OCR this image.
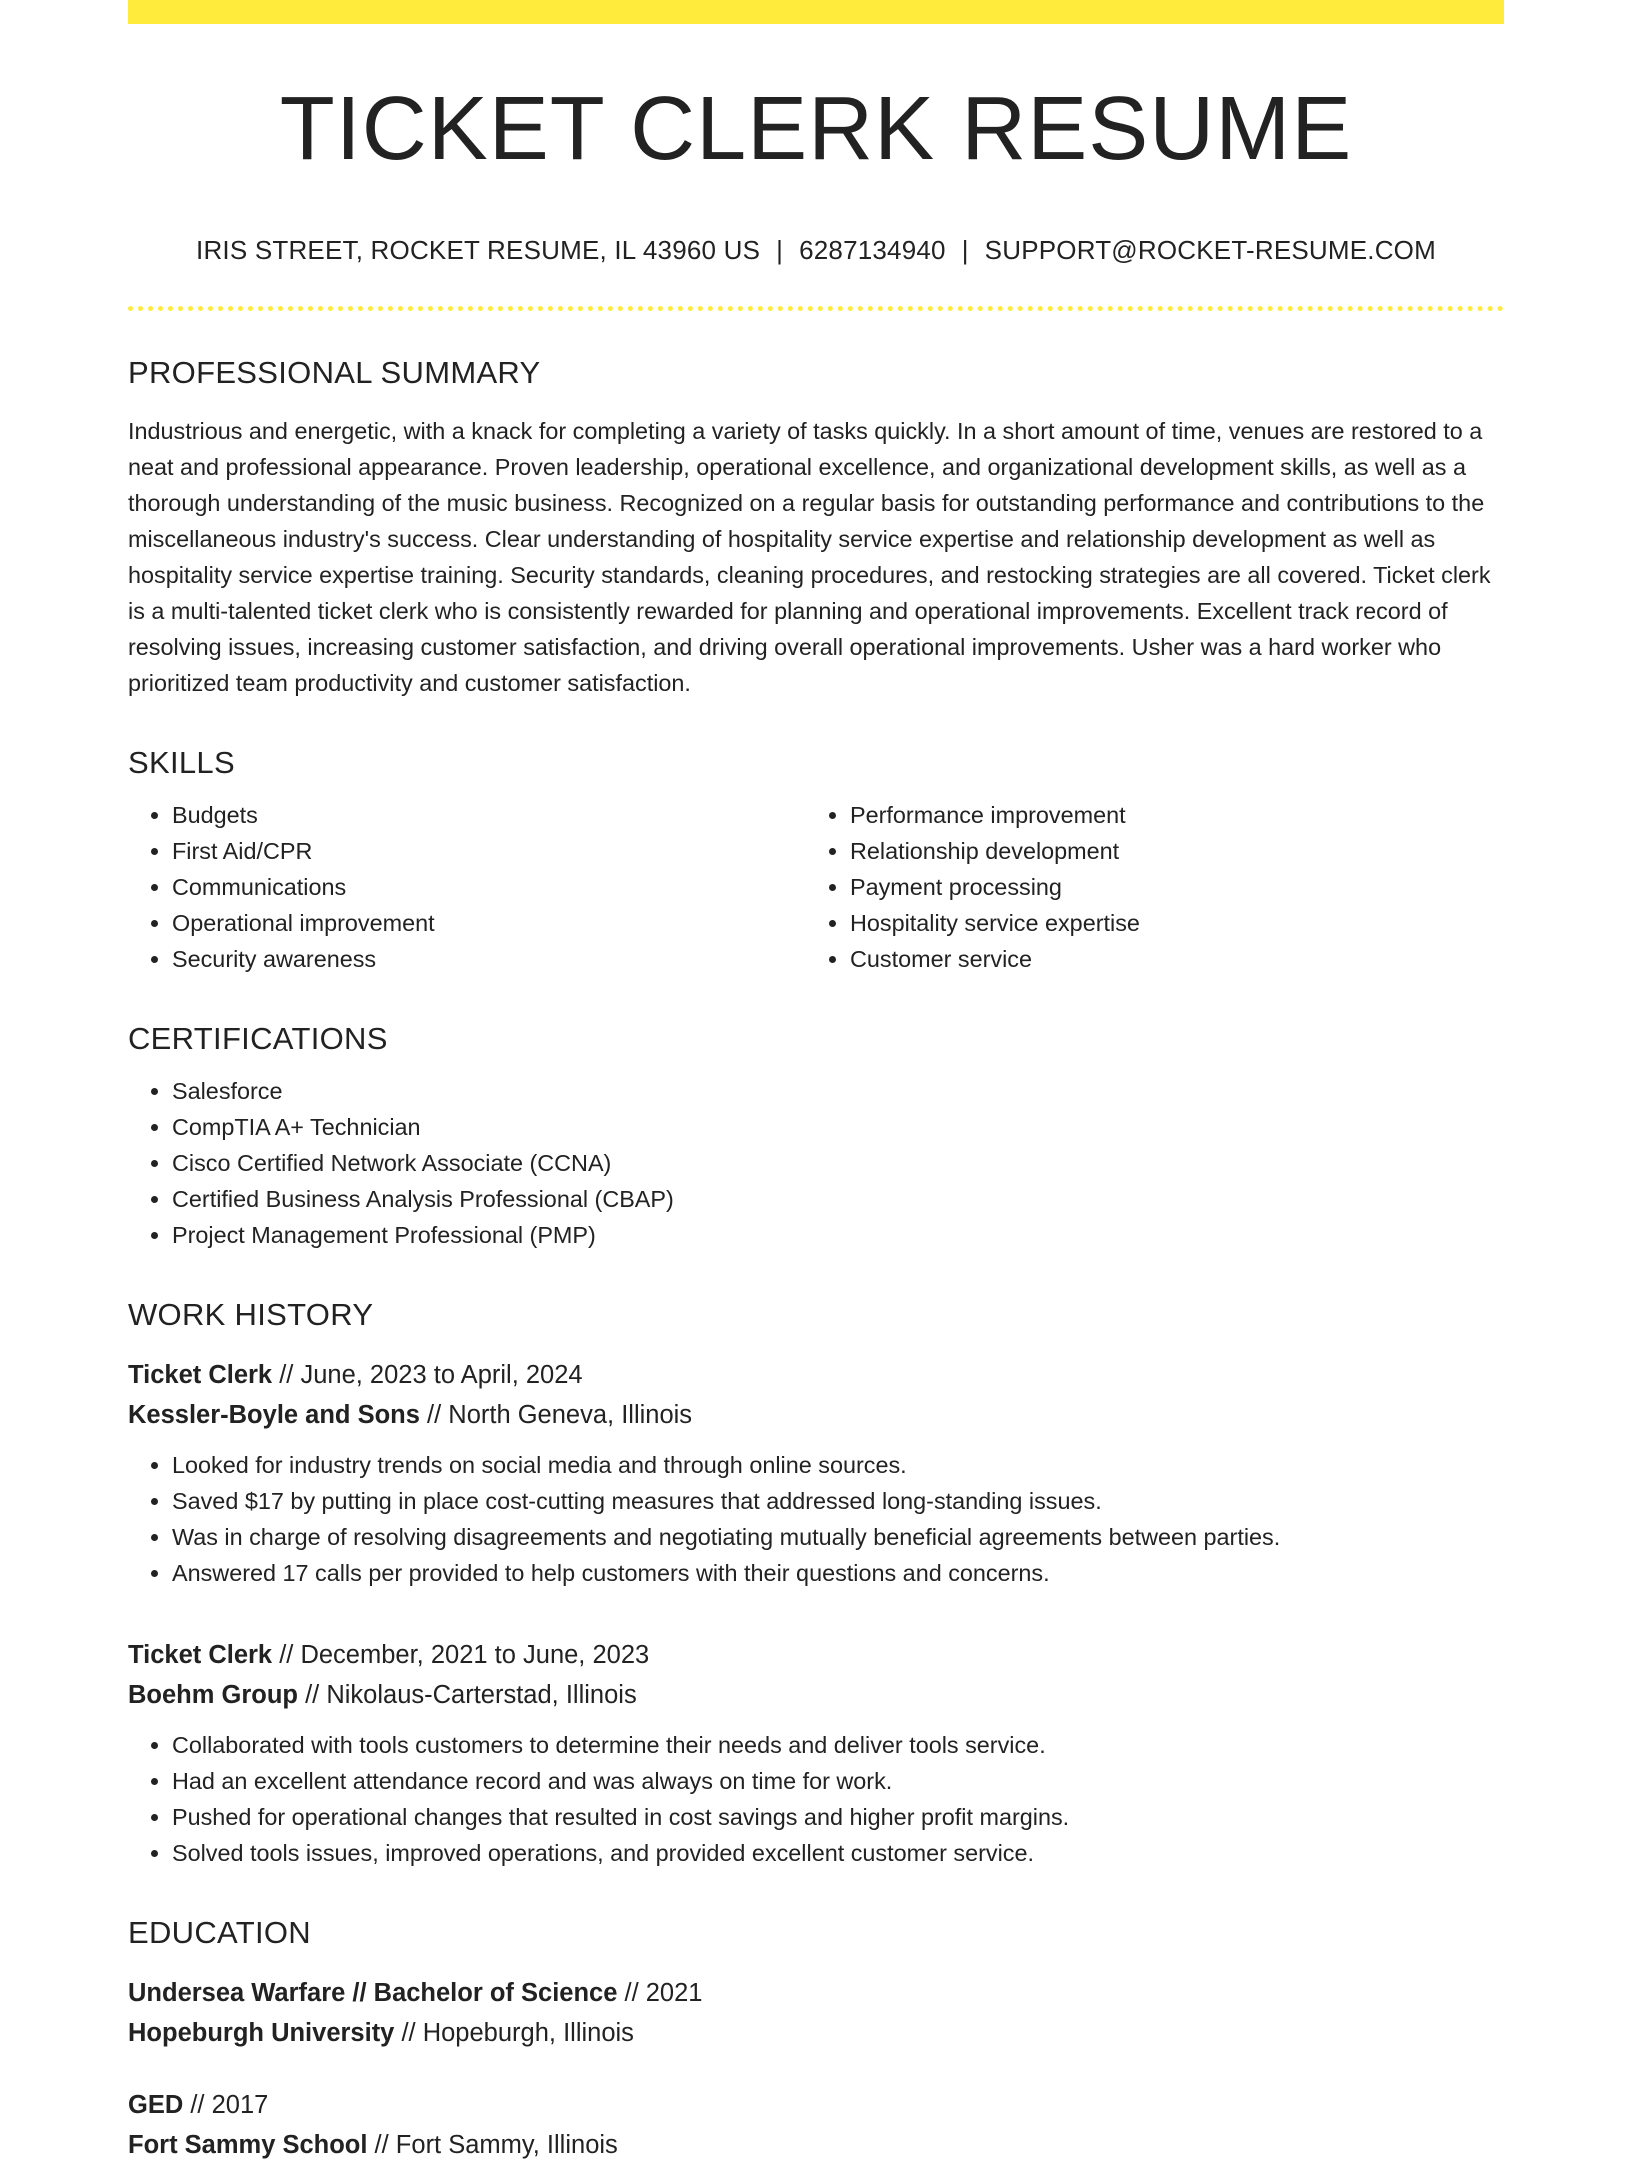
TICKET CLERK RESUME
IRIS STREET, ROCKET RESUME, IL 43960 US | 6287134940 | SUPPORT@ROCKET-RESUME.COM
PROFESSIONAL SUMMARY

Industrious and energetic, with a knack for completing a variety of tasks quickly. In a short amount of time, venues are restored to a neat and professional appearance. Proven leadership, operational excellence, and organizational development skills, as well as a thorough understanding of the music business. Recognized on a regular basis for outstanding performance and contributions to the miscellaneous industry's success. Clear understanding of hospitality service expertise and relationship development as well as hospitality service expertise training. Security standards, cleaning procedures, and restocking strategies are all covered. Ticket clerk is a multi-talented ticket clerk who is consistently rewarded for planning and operational improvements. Excellent track record of resolving issues, increasing customer satisfaction, and driving overall operational improvements. Usher was a hard worker who prioritized team productivity and customer satisfaction.

SKILLS
• Budgets
• First Aid/CPR
• Communications
• Operational improvement
• Security awareness
• Performance improvement
• Relationship development
• Payment processing
• Hospitality service expertise
• Customer service
CERTIFICATIONS
• Salesforce
• CompTIA A+ Technician
• Cisco Certified Network Associate (CCNA)
• Certified Business Analysis Professional (CBAP)
• Project Management Professional (PMP)
WORK HISTORY
Ticket Clerk // June, 2023 to April, 2024
Kessler-Boyle and Sons // North Geneva, Illinois
• Looked for industry trends on social media and through online sources.
• Saved $17 by putting in place cost-cutting measures that addressed long-standing issues.
• Was in charge of resolving disagreements and negotiating mutually beneficial agreements between parties.
• Answered 17 calls per provided to help customers with their questions and concerns.
Ticket Clerk // December, 2021 to June, 2023
Boehm Group // Nikolaus-Carterstad, Illinois
• Collaborated with tools customers to determine their needs and deliver tools service.
• Had an excellent attendance record and was always on time for work.
• Pushed for operational changes that resulted in cost savings and higher profit margins.
• Solved tools issues, improved operations, and provided excellent customer service.
EDUCATION
Undersea Warfare // Bachelor of Science // 2021
Hopeburgh University // Hopeburgh, Illinois
GED // 2017
Fort Sammy School // Fort Sammy, Illinois
